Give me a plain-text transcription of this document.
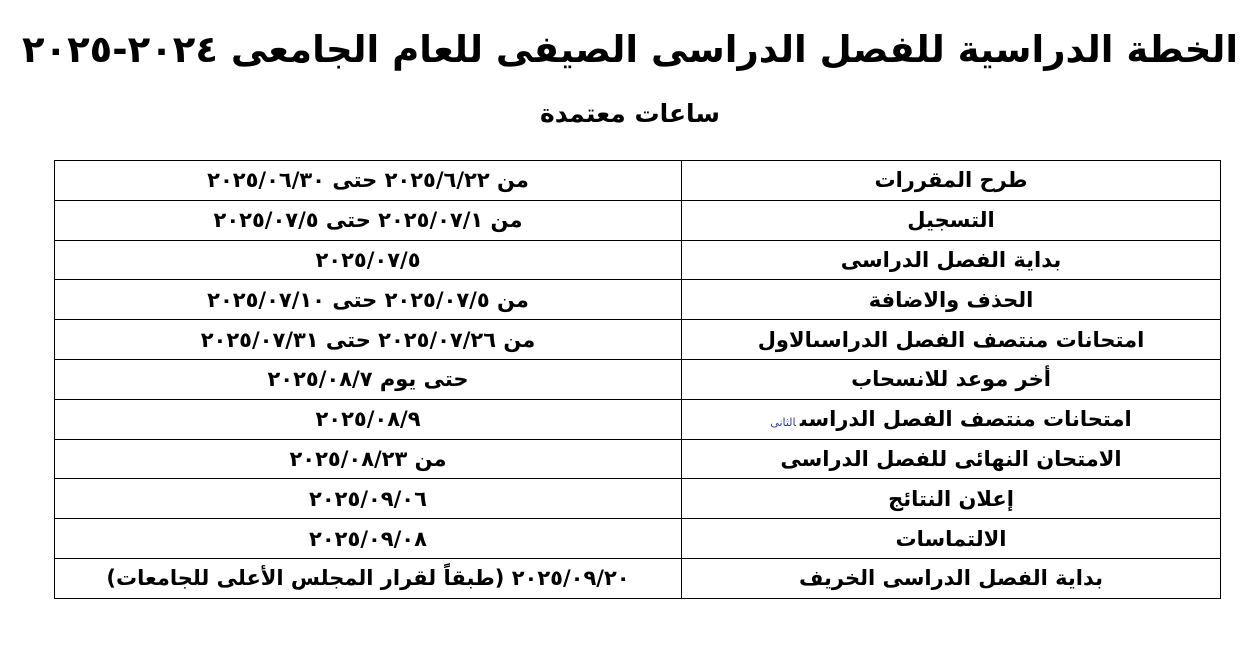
الخطة الدراسية للفصل الدراسى الصيفى للعام الجامعى ٢٠٢٤-٢٠٢٥
ساعات معتمدة
من ٢٠٢٥/٦/٢٢ حتى ٢٠٢٥/٠٦/٣٠	طرح المقررات
من ٢٠٢٥/٠٧/١ حتى ٢٠٢٥/٠٧/٥	التسجيل
٢٠٢٥/٠٧/٥	بداية الفصل الدراسى
من ٢٠٢٥/٠٧/٥ حتى ٢٠٢٥/٠٧/١٠	الحذف والاضافة
من ٢٠٢٥/٠٧/٢٦ حتى ٢٠٢٥/٠٧/٣١	امتحانات منتصف الفصل الدراسىالاول
حتى يوم ٢٠٢٥/٠٨/٧	أخر موعد للانسحاب
٢٠٢٥/٠٨/٩	امتحانات منتصف الفصل الدراسىالثانى
من ٢٠٢٥/٠٨/٢٣	الامتحان النهائى للفصل الدراسى
٢٠٢٥/٠٩/٠٦	إعلان النتائج
٢٠٢٥/٠٩/٠٨	الالتماسات
٢٠٢٥/٠٩/٢٠ (طبقاً لقرار المجلس الأعلى للجامعات)	بداية الفصل الدراسى الخريف
